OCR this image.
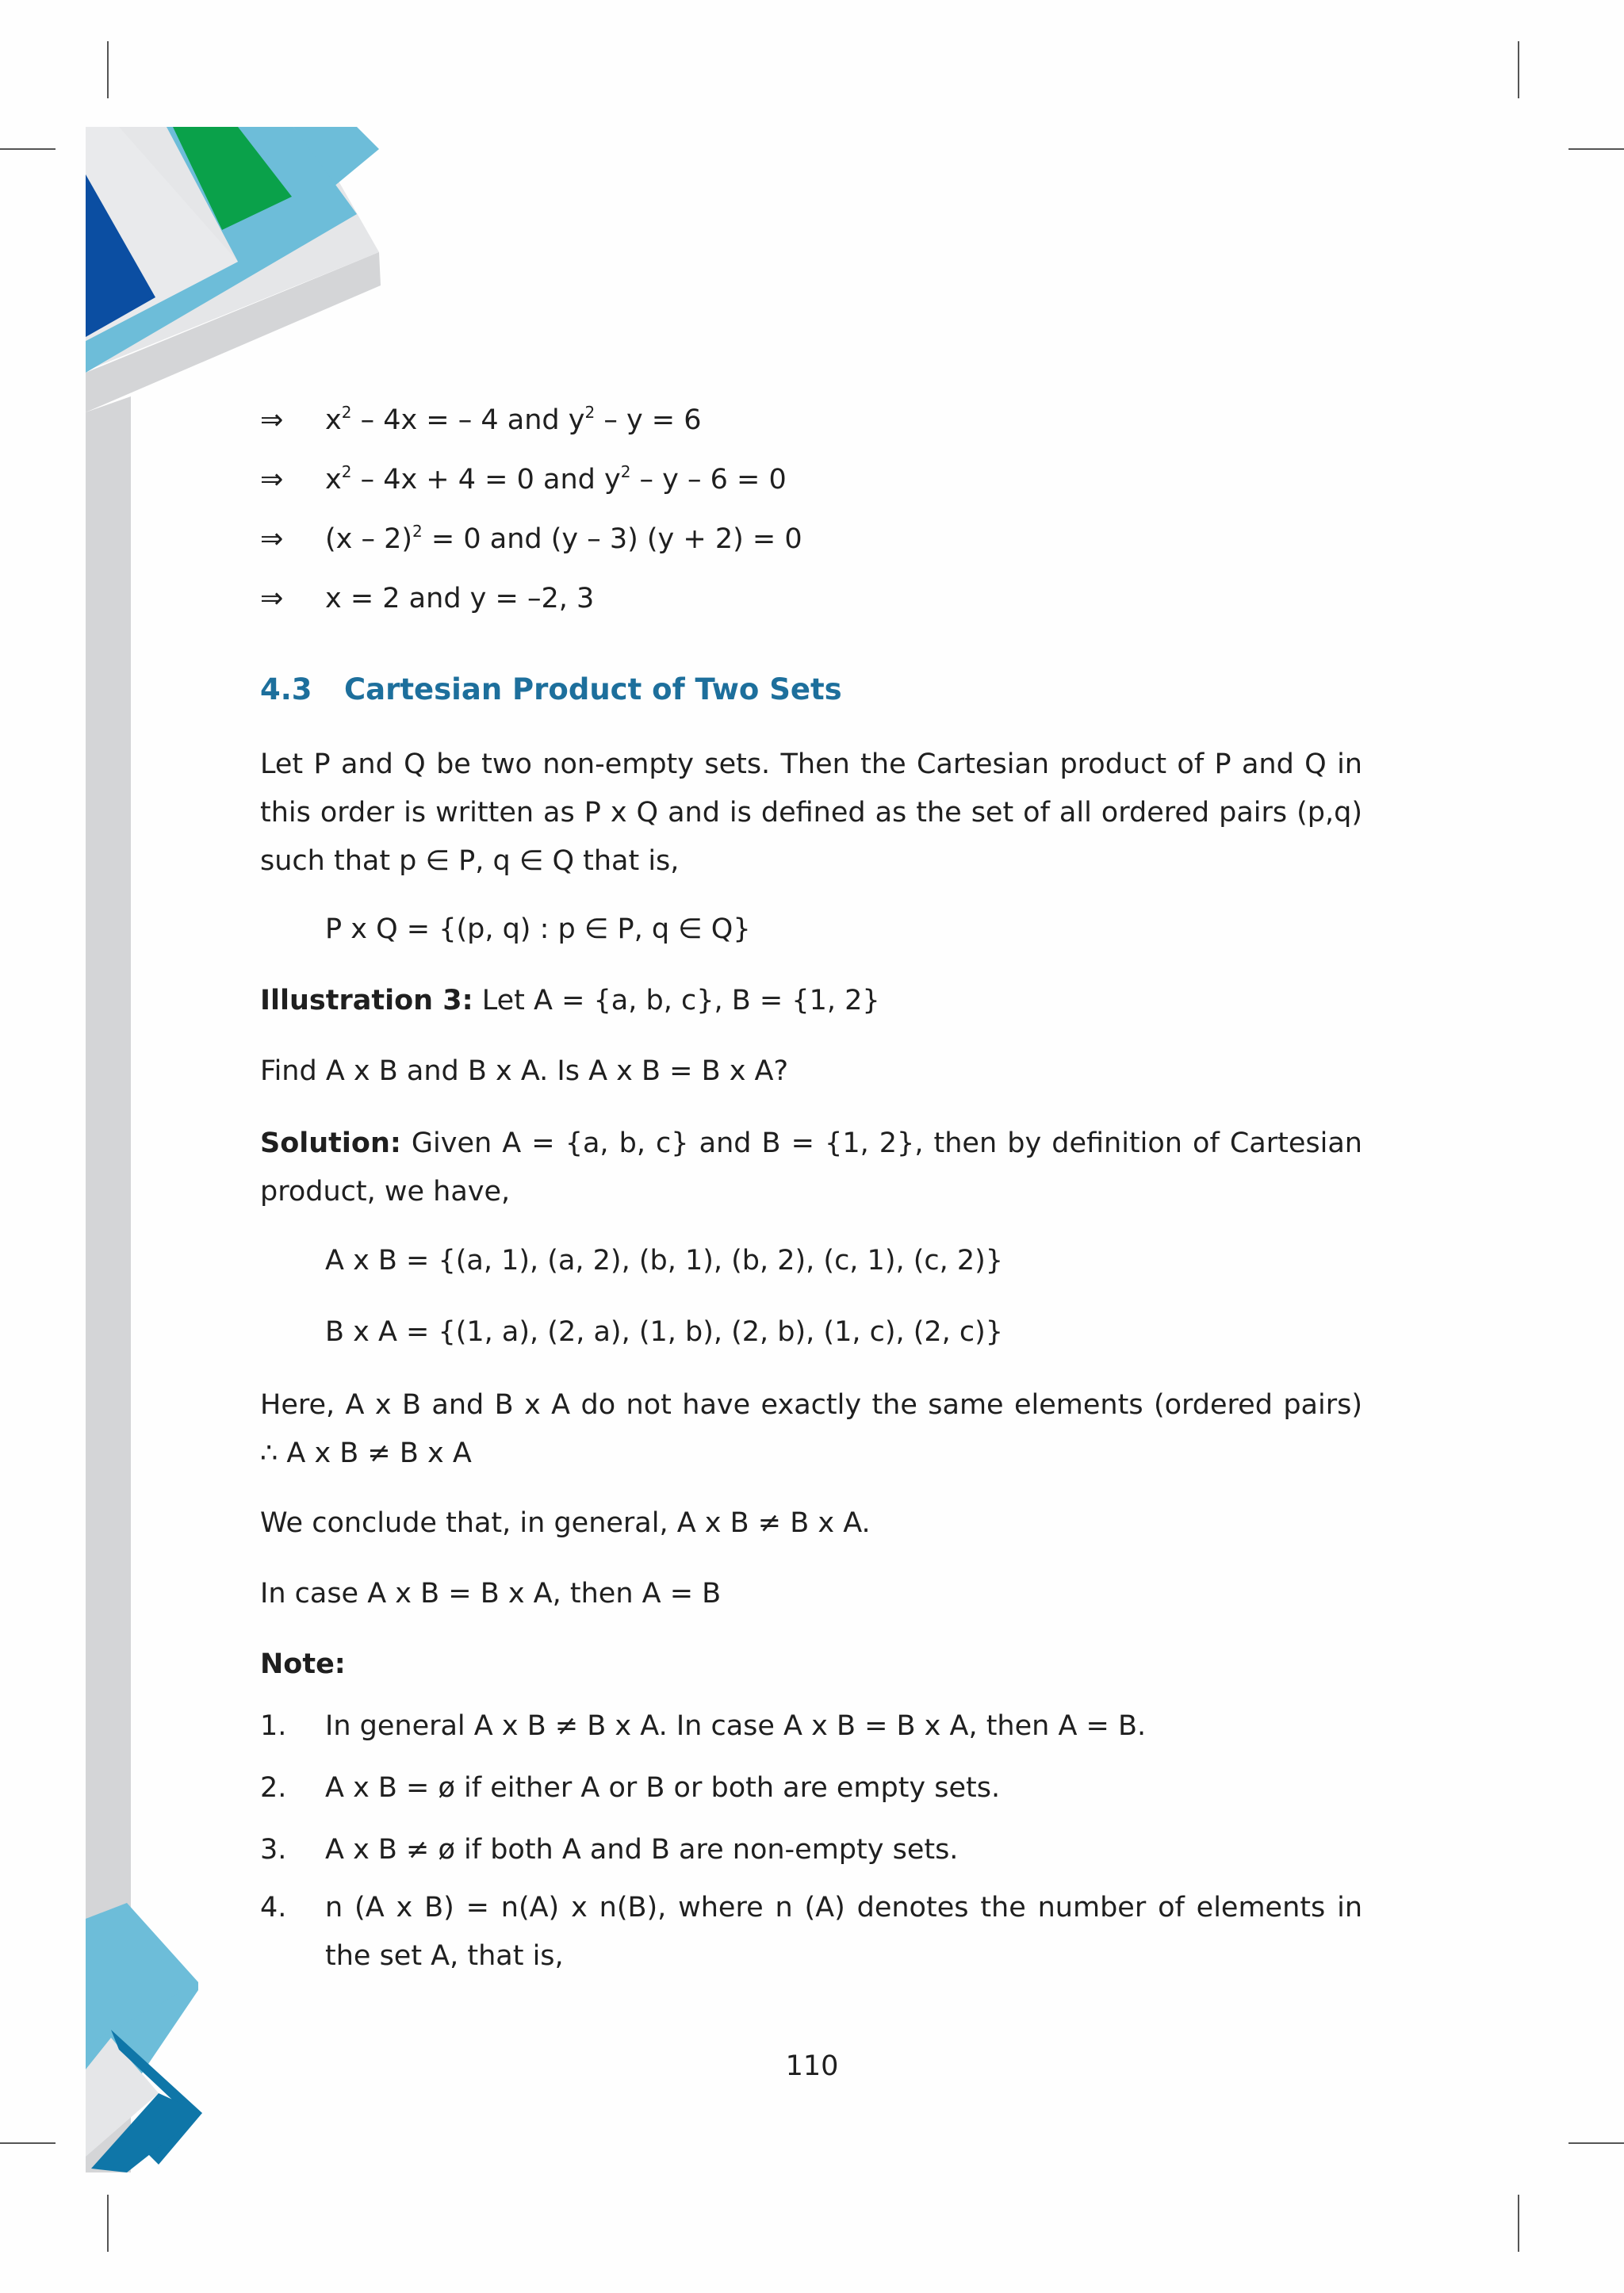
⇒ $x^2 - 4x$ = – 4 and $y^2 - y = 6$
⇒ $x^2 - 4x + 4 = 0$ and $y^2 - y - 6 = 0$
⇒ (x – 2)$^2$ = 0 and (y – 3) (y + 2) = 0
⇒ x = 2 and y = –2, 3
4.3 Cartesian Product of Two Sets

Let P and Q be two non-empty sets. Then the Cartesian product of P and Q in this order is written as P x Q and is defined as the set of all ordered pairs (p,q) such that p ∈ P, q ∈ Q that is,

P x Q = {(p, q) : p ∈ P, q ∈ Q}
Illustration 3: Let A = {a, b, c}, B = {1, 2}
Find A x B and B x A. Is A x B = B x A?

Solution: Given A = {a, b, c} and B = {1, 2}, then by definition of Cartesian product, we have,

A x B = {(a, 1), (a, 2), (b, 1), (b, 2), (c, 1), (c, 2)}
B x A = {(1, a), (2, a), (1, b), (2, b), (1, c), (2, c)}

Here, A x B and B x A do not have exactly the same elements (ordered pairs)

∴ A x B ≠ B x A

We conclude that, in general, A x B ≠ B x A.
In case A x B = B x A, then A = B
Note:
1. In general A x B ≠ B x A. In case A x B = B x A, then A = B.
2. A x B = ø if either A or B or both are empty sets.
3. A x B ≠ ø if both A and B are non-empty sets.
4.	n (A x B) = n(A) x n(B), where n (A) denotes the number of elements in the set A, that is,

110
